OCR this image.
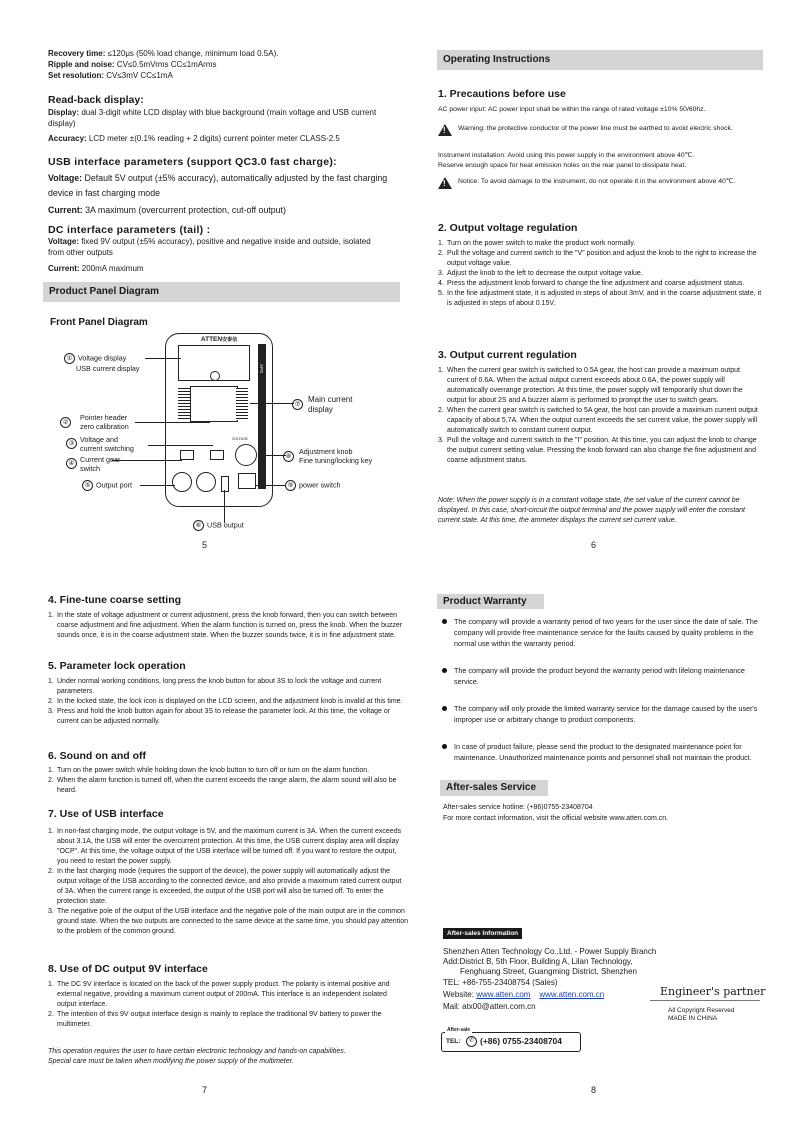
Recovery time: ≤120μs (50% load change, minimum load 0.5A).
Ripple and noise: CV≤0.5mVrms CC≤1mArms
Set resolution: CV≤3mV CC≤1mA
Read-back display:
Display: dual 3-digit white LCD display with blue background (main voltage and USB current display)
Accuracy: LCD meter ±(0.1% reading + 2 digits) current pointer meter CLASS-2.5
USB interface parameters (support QC3.0 fast charge):
Voltage: Default 5V output (±5% accuracy), automatically adjusted by the fast charging device in fast charging mode
Current: 3A maximum (overcurrent protection, cut-off output)
DC interface parameters (tail) :
Voltage: fixed 9V output (±5% accuracy), positive and negative inside and outside, isolated from other outputs
Current: 200mA maximum
Product Panel Diagram
Front Panel Diagram
ATTEN安泰信
APS
VOLTAGE
① Voltage display
USB current display
②
Pointer header
zero calibration
③ Voltage and
current switching
④ Current gear
switch
⑤ Output port
⑥ USB output
⑦
Main current
display
⑧
Adjustment knob
Fine tuning/locking key
⑨ power switch
5
Operating Instructions
1. Precautions before use
AC power input: AC power input shall be within the range of rated voltage ±10% 50/60hz.
!
Warning: the protective conductor of the power line must be earthed to avoid electric shock.
Instrument installation: Avoid using this power supply in the environment above 40℃.
Reserve enough space for heat emission holes on the rear panel to dissipate heat.
!
Notice: To avoid damage to the instrument, do not operate it in the environment above 40℃.
2. Output voltage regulation
1. Turn on the power switch to make the product work normally.
2. Pull the voltage and current switch to the "V" position and adjust the knob to the right to increase the output voltage value.
3. Adjust the knob to the left to decrease the output voltage value.
4. Press the adjustment knob forward to change the fine adjustment and coarse adjustment status.
5. In the fine adjustment state, it is adjusted in steps of about 3mV, and in the coarse adjustment state, it is adjusted in steps of about 0.15V.
3. Output current regulation
1. When the current gear switch is switched to 0.5A gear, the host can provide a maximum output current of 0.6A. When the actual output current exceeds about 0.6A, the power supply will automatically overrange protection. At this time, the power supply will temporarily shut down the output for about 2S and A buzzer alarm is performed to prompt the user to switch gears.
2. When the current gear switch is switched to 5A gear, the host can provide a maximum current output capacity of about 5.7A. When the output current exceeds the set current value, the power supply will automatically switch to constant current output.
3. Pull the voltage and current switch to the "I" position. At this time, you can adjust the knob to change the output current setting value. Pressing the knob forward can also change the fine adjustment and coarse adjustment status.
Note: When the power supply is in a constant voltage state, the set value of the current cannot be displayed. In this case, short-circuit the output terminal and the power supply will enter the constant current state. At this time, the ammeter displays the current set current value.
6
4. Fine-tune coarse setting
1. In the state of voltage adjustment or current adjustment, press the knob forward, then you can switch between coarse adjustment and fine adjustment. When the alarm function is turned on, press the knob. When the buzzer sounds once, it is in the coarse adjustment state. When the buzzer sounds twice, it is in fine adjustment state.
5. Parameter lock operation
1. Under normal working conditions, long press the knob button for about 3S to lock the voltage and current parameters.
2. In the locked state, the lock icon is displayed on the LCD screen, and the adjustment knob is invalid at this time.
3. Press and hold the knob button again for about 3S to release the parameter lock. At this time, the voltage or current can be adjusted normally.
6. Sound on and off
1. Turn on the power switch while holding down the knob button to turn off or turn on the alarm function.
2. When the alarm function is turned off, when the current exceeds the range alarm, the alarm sound will also be heard.
7. Use of USB interface
1. In non-fast charging mode, the output voltage is 5V, and the maximum current is 3A. When the current exceeds about 3.1A, the USB will enter the overcurrent protection. At this time, the USB current display area will display "OCP". At this time, the voltage output of the USB interface will be turned off. If you want to restore the output, you need to restart the power supply.
2. In the fast charging mode (requires the support of the device), the power supply will automatically adjust the output voltage of the USB according to the connected device, and also provide a maximum rated current output of 3A. When the current range is exceeded, the output of the USB port will also be turned off. To enter the protection state.
3. The negative pole of the output of the USB interface and the negative pole of the main output are in the common ground state. When the two outputs are connected to the same device at the same time, you should pay attention to the problem of the common ground.
8. Use of DC output 9V interface
1. The DC 9V interface is located on the back of the power supply product. The polarity is internal positive and external negative, providing a maximum current output of 200mA. This interface is an independent isolated output interface.
2. The intention of this 9V output interface design is mainly to replace the traditional 9V battery to power the multimeter.
This operation requires the user to have certain electronic technology and hands-on capabilities.
Special care must be taken when modifying the power supply of the multimeter.
7
Product Warranty
The company will provide a warranty period of two years for the user since the date of sale. The company will provide free maintenance service for the faults caused by quality problems in the normal use within the warranty period.
The company will provide the product beyond the warranty period with lifelong maintenance service.
The company will only provide the limited warranty service for the damage caused by the user's improper use or arbitrary change to product components.
In case of product failure, please send the product to the designated maintenance point for maintenance. Unauthorized maintenance points and personnel shall not maintain the product.
After-sales Service
After-sales service hotline: (+86)0755-23408704
For more contact information, visit the official website www.atten.com.cn.
After-sales Information
Shenzhen Atten Technology Co.,Ltd. - Power Supply Branch
Add:District B, 5th Floor, Building A, Lilan Technology,
Fenghuang Street, Guangming District, Shenzhen
TEL: +86-755-23408754 (Sales)
Website: www.atten.com www.atten.com.cn
Mail: atx00@atten.com.cn
Engineer's partner
All Copyright Reserved
MADE IN CHINA
After-sale
TEL:	✆ (+86) 0755-23408704
8
